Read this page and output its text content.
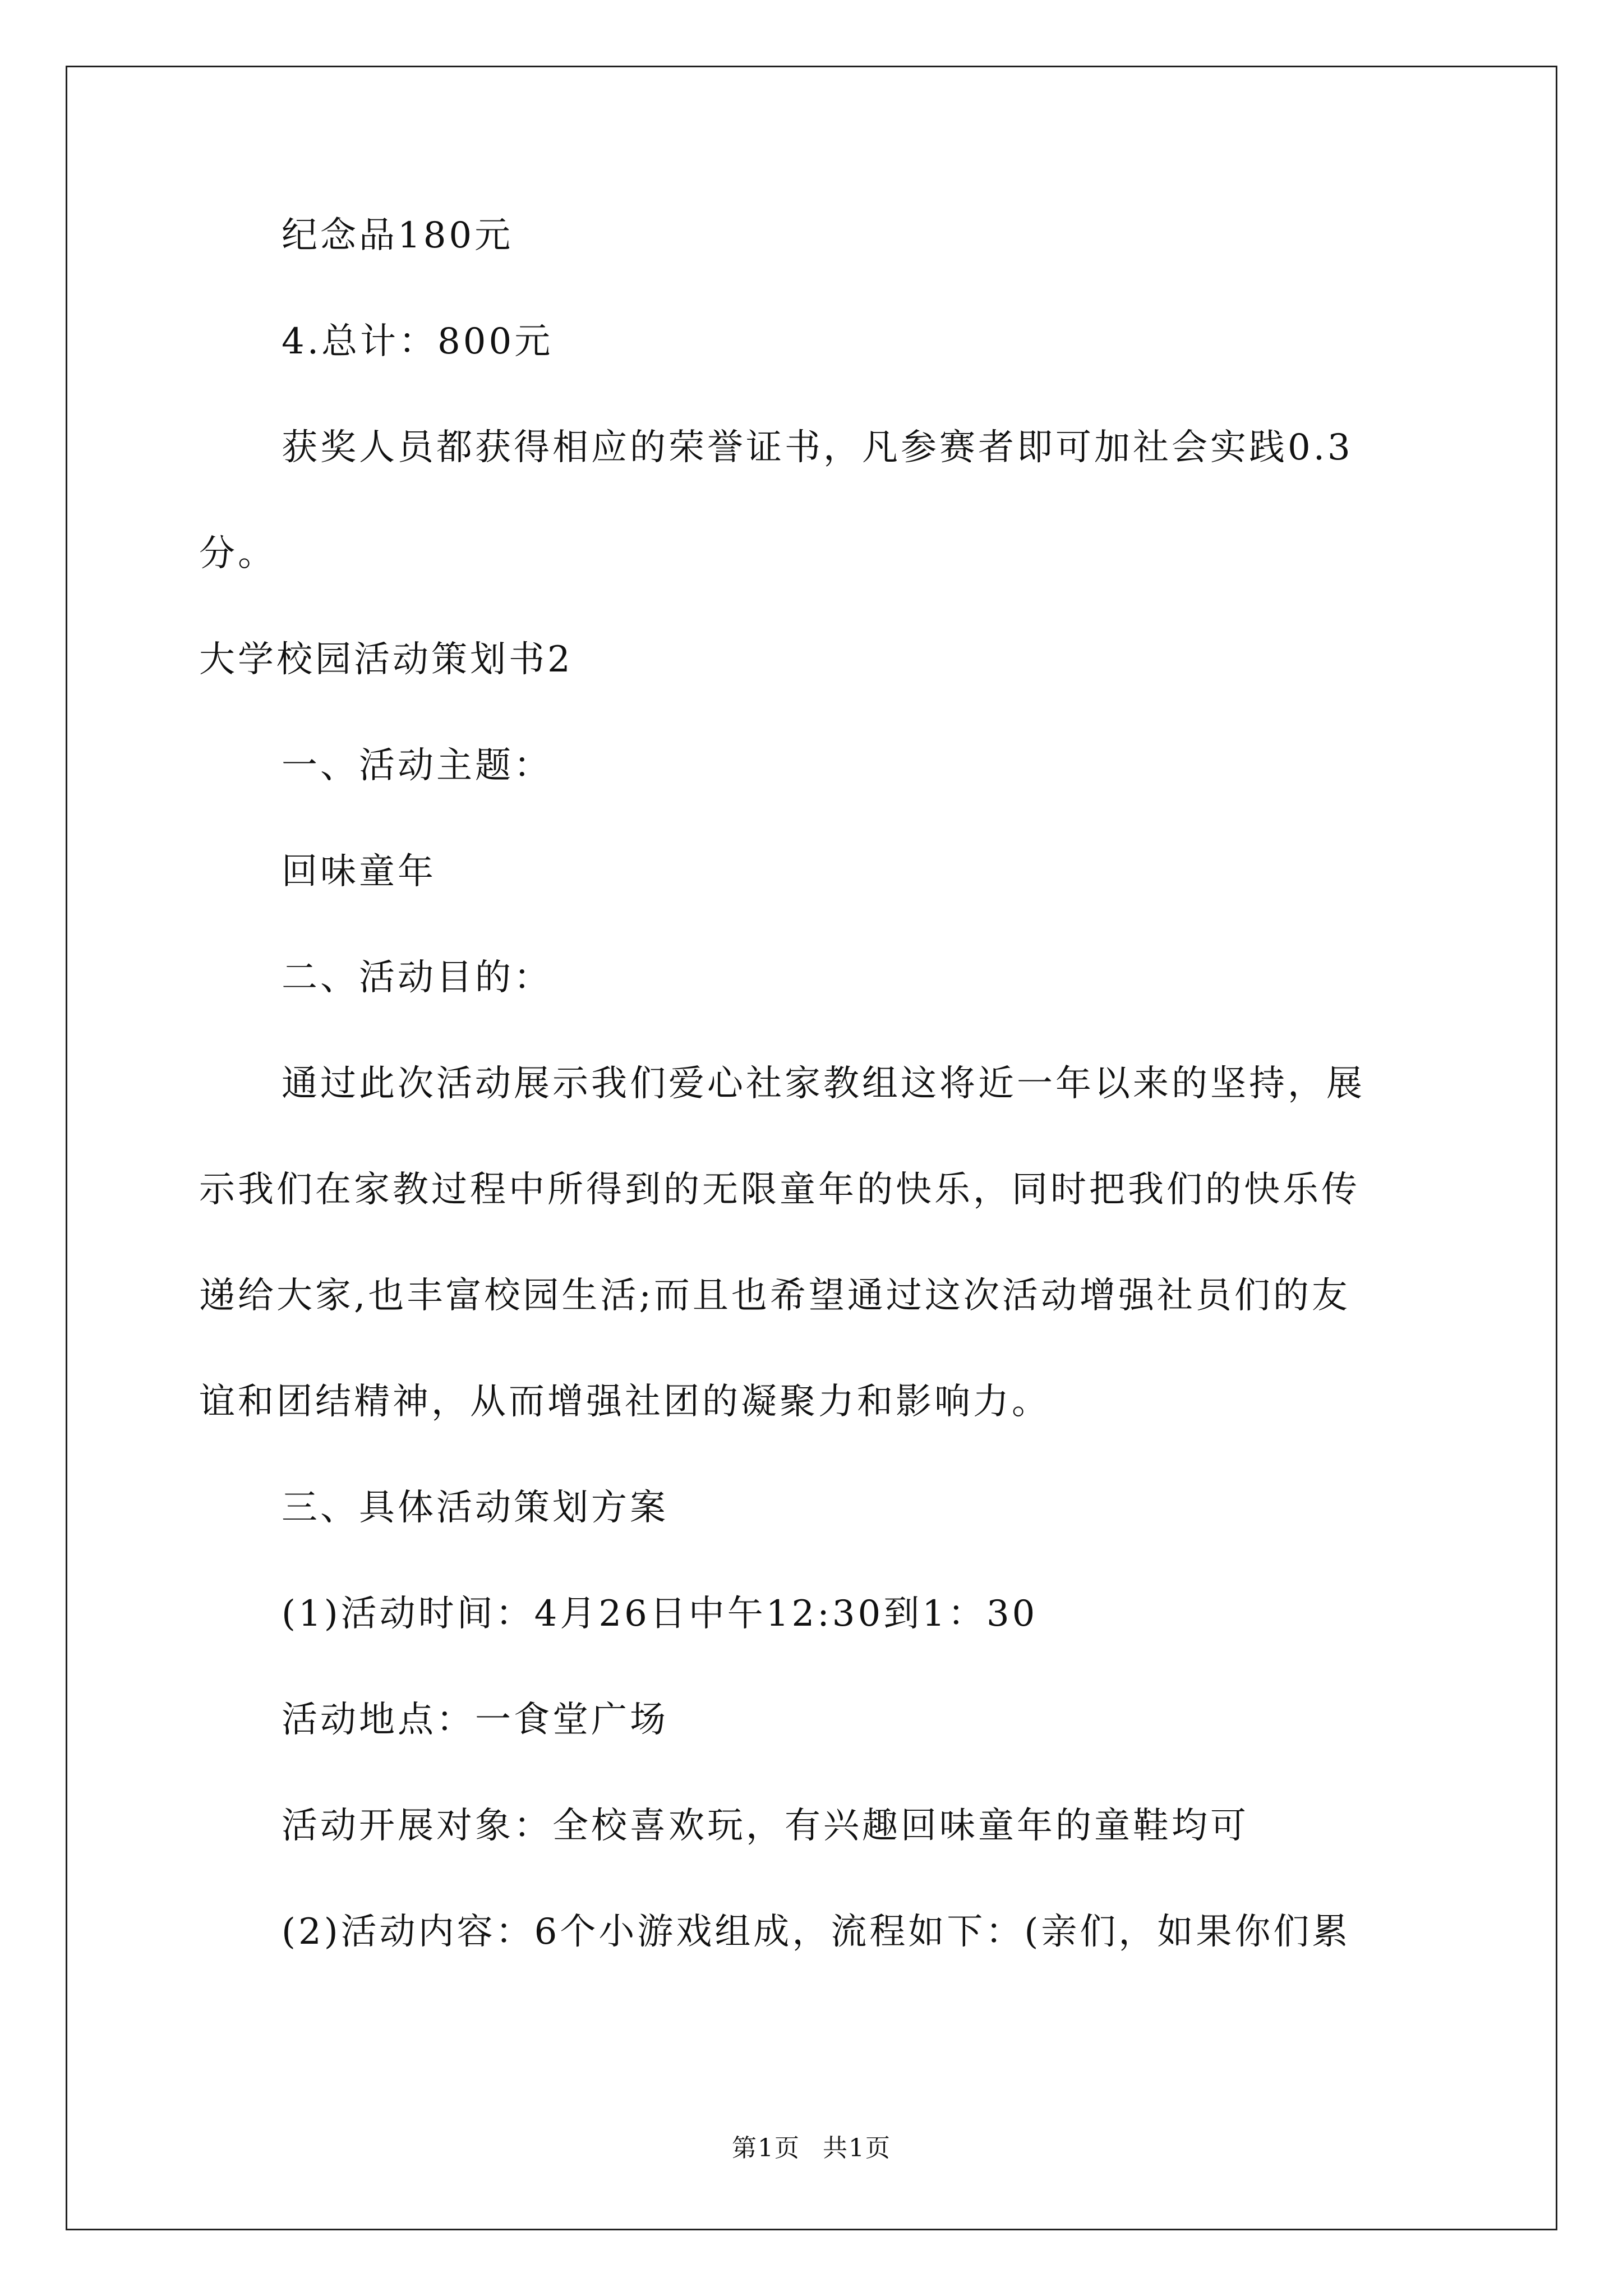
纪念品180元
4.总计：800元
获奖人员都获得相应的荣誉证书，凡参赛者即可加社会实践0.3
分。
大学校园活动策划书2
一、活动主题：
回味童年
二、活动目的：
通过此次活动展示我们爱心社家教组这将近一年以来的坚持，展
示我们在家教过程中所得到的无限童年的快乐，同时把我们的快乐传
递给大家,也丰富校园生活;而且也希望通过这次活动增强社员们的友
谊和团结精神，从而增强社团的凝聚力和影响力。
三、具体活动策划方案
(1)活动时间：4月26日中午12:30到1：30
活动地点：一食堂广场
活动开展对象：全校喜欢玩，有兴趣回味童年的童鞋均可
(2)活动内容：6个小游戏组成，流程如下：(亲们，如果你们累
第1页 共1页
